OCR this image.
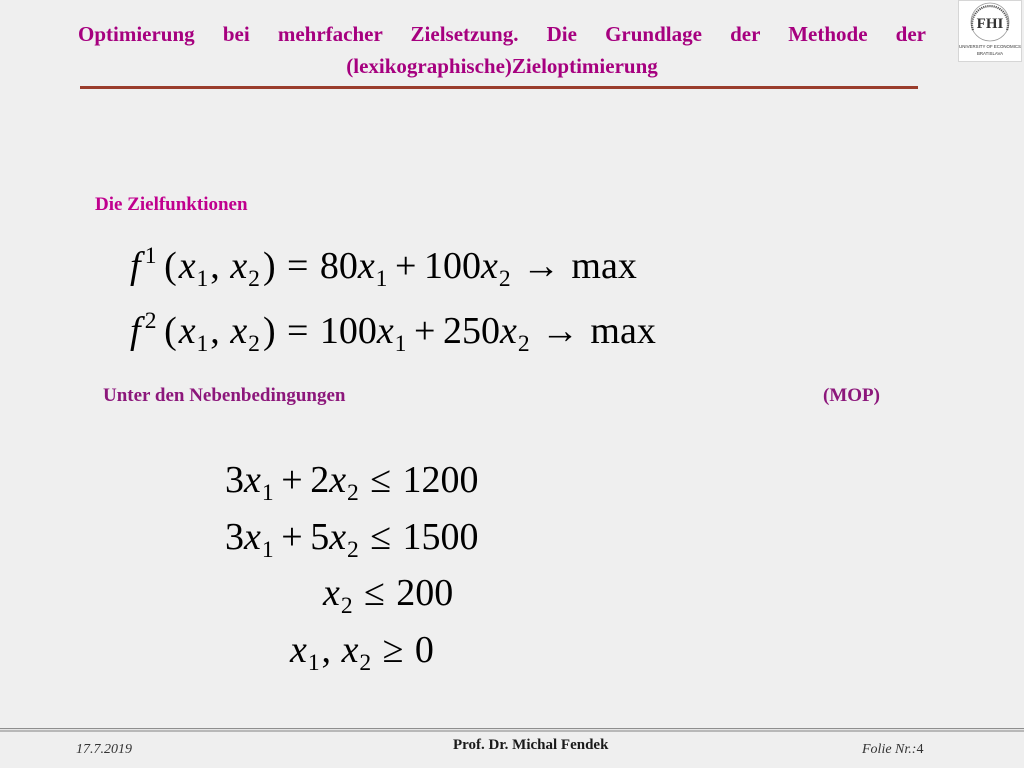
Optimierung bei mehrfacher Zielsetzung. Die Grundlage der Methode der
(lexikographische)Zieloptimierung
FHI
UNIVERSITY OF ECONOMICS
BRATISLAVA
Die Zielfunktionen
f $^1$ (x1, x2) = 80x1 + 100x2 → max
f $^2$ (x1, x2) = 100x1 + 250x2 → max
Unter den Nebenbedingungen	(MOP)
3x1 + 2x2 ≤ 1200
3x1 + 5x2 ≤ 1500
x2 ≤ 200
x1, x2 ≥ 0
17.7.2019	Prof. Dr. Michal Fendek	Folie Nr.:4
